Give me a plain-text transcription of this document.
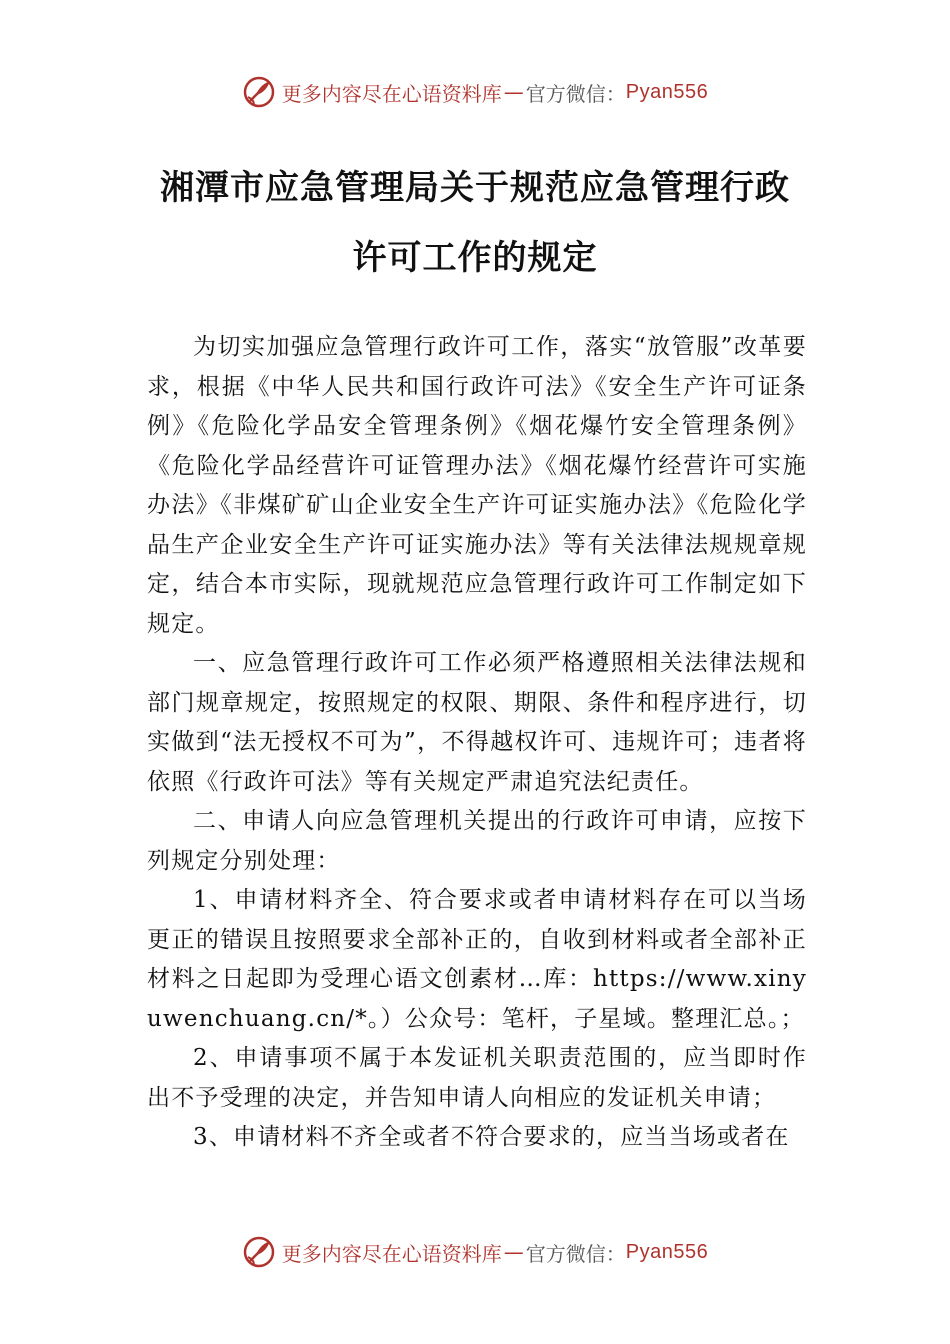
更多内容尽在心语资料库 — 官方微信： Pyan556
湘潭市应急管理局关于规范应急管理行政
许可工作的规定

为切实加强应急管理行政许可工作，落实“放管服”改革要求，根据《中华人民共和国行政许可法》《安全生产许可证条例》《危险化学品安全管理条例》《烟花爆竹安全管理条例》《危险化学品经营许可证管理办法》《烟花爆竹经营许可实施办法》《非煤矿矿山企业安全生产许可证实施办法》《危险化学品生产企业安全生产许可证实施办法》等有关法律法规规章规定，结合本市实际，现就规范应急管理行政许可工作制定如下规定。

一、应急管理行政许可工作必须严格遵照相关法律法规和部门规章规定，按照规定的权限、期限、条件和程序进行，切实做到“法无授权不可为”，不得越权许可、违规许可；违者将依照《行政许可法》等有关规定严肃追究法纪责任。

二、申请人向应急管理机关提出的行政许可申请，应按下列规定分别处理：

1、申请材料齐全、符合要求或者申请材料存在可以当场更正的错误且按照要求全部补正的，自收到材料或者全部补正材料之日起即为受理心语文创素材…库：https://www.xinyuwenchuang.cn/*。）公众号：笔杆，子星域。整理汇总。；

2、申请事项不属于本发证机关职责范围的，应当即时作出不予受理的决定，并告知申请人向相应的发证机关申请；

3、申请材料不齐全或者不符合要求的，应当当场或者在

更多内容尽在心语资料库 — 官方微信： Pyan556
